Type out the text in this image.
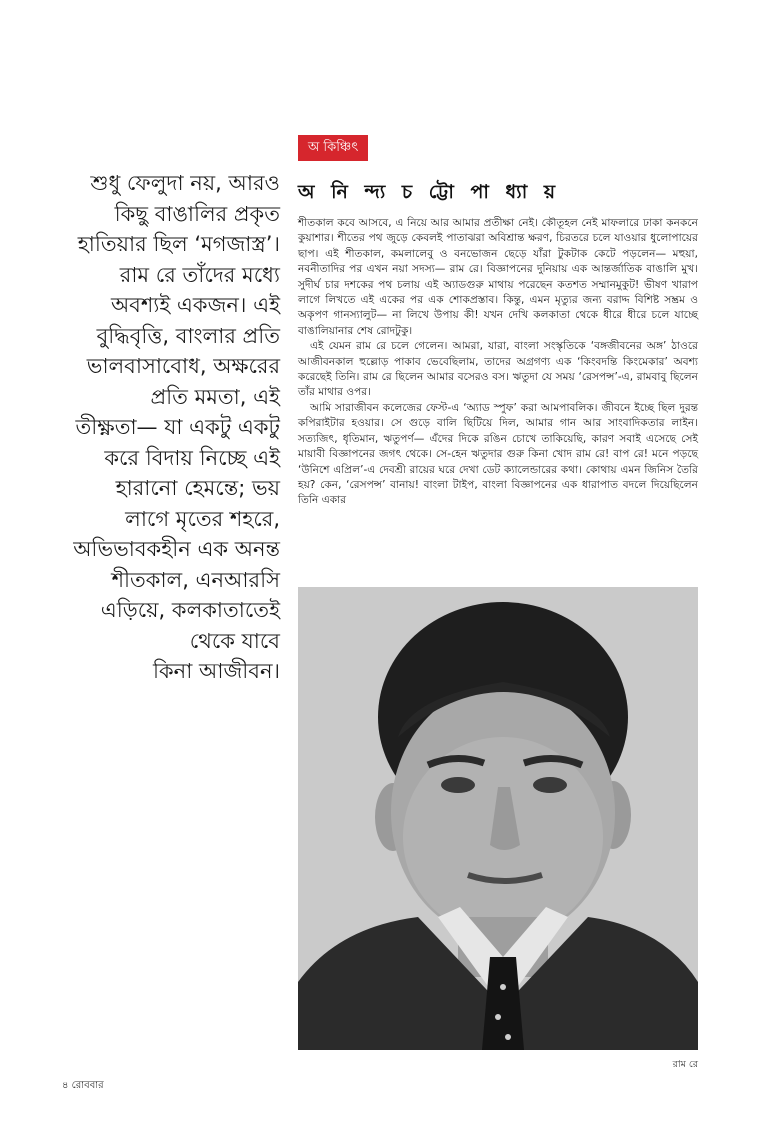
অ কিঞ্চিৎ

শুধু ফেলুদা নয়, আরও
কিছু বাঙালির প্রকৃত
হাতিয়ার ছিল ‘মগজাস্ত্র’।
রাম রে তাঁদের মধ্যে
অবশ্যই একজন। এই
বুদ্ধিবৃত্তি, বাংলার প্রতি
ভালবাসাবোধ, অক্ষরের
প্রতি মমতা, এই
তীক্ষ্ণতা— যা একটু একটু
করে বিদায় নিচ্ছে এই
হারানো হেমন্তে; ভয়
লাগে মৃতের শহরে,
অভিভাবকহীন এক অনন্ত
শীতকাল, এনআরসি
এড়িয়ে, কলকাতাতেই
থেকে যাবে
কিনা আজীবন।

অ নি ন্দ্য চ ট্টো পা ধ্যা য়

শীতকাল কবে আসবে, এ নিয়ে আর আমার প্রতীক্ষা নেই। কৌতূহল নেই মাফলারে ঢাকা কনকনে কুয়াশার। শীতের পথ জুড়ে কেবলই পাতাঝরা অবিশ্রান্ত ক্ষরণ, চিরতরে চলে যাওয়ার ধুলোপায়ের ছাপ। এই শীতকাল, কমলালেবু ও বনভোজন ছেড়ে যাঁরা টুকটাক কেটে পড়লেন— মহুয়া, নবনীতাদির পর এখন নয়া সদস্য— রাম রে। বিজ্ঞাপনের দুনিয়ায় এক আন্তর্জাতিক বাঙালি মুখ। সুদীর্ঘ চার দশকের পথ চলায় এই অ্যাডগুরু মাথায় পরেছেন কতশত সম্মানমুকুট! ভীষণ খারাপ লাগে লিখতে এই একের পর এক শোকপ্রস্তাব। কিন্তু, এমন মৃত্যুর জন্য বরাদ্দ বিশিষ্ট সম্ভ্রম ও অকৃপণ গানস্যালুট— না লিখে উপায় কী! যখন দেখি কলকাতা থেকে ধীরে ধীরে চলে যাচ্ছে বাঙালিয়ানার শেষ রোদটুকু।

এই যেমন রাম রে চলে গেলেন। আমরা, যারা, বাংলা সংস্কৃতিকে ‘বঙ্গজীবনের অঙ্গ’ ঠাওরে আজীবনকাল হুল্লোড় পাকাব ভেবেছিলাম, তাদের অগ্রগণ্য এক ‘কিংবদন্তি কিংমেকার’ অবশ্য করেছেই তিনি। রাম রে ছিলেন আমার বসেরও বস। ঋতুদা যে সময় ‘রেসপন্স’-এ, রামবাবু ছিলেন তাঁর মাথার ওপর।

আমি সারাজীবন কলেজের ফেস্ট-এ ‘অ্যাড স্পুফ’ করা আমপাবলিক। জীবনে ইচ্ছে ছিল দুরন্ত কপিরাইটার হওয়ার। সে গুড়ে বালি ছিটিয়ে দিল, আমার গান আর সাংবাদিকতার লাইন। সত্যজিৎ, ধৃতিমান, ঋতুপর্ণ— এঁদের দিকে রঙিন চোখে তাকিয়েছি, কারণ সবাই এসেছে সেই মায়াবী বিজ্ঞাপনের জগৎ থেকে। সে-হেন ঋতুদার গুরু কিনা খোদ রাম রে! বাপ রে! মনে পড়ছে ‘উনিশে এপ্রিল’-এ দেবশ্রী রায়ের ঘরে দেখা ডেট ক্যালেন্ডারের কথা। কোথায় এমন জিনিস তৈরি হয়? কেন, ‘রেসপন্স’ বানায়! বাংলা টাইপ, বাংলা বিজ্ঞাপনের এক ধারাপাত বদলে দিয়েছিলেন তিনি একার

রাম রে
৪ রোববার
